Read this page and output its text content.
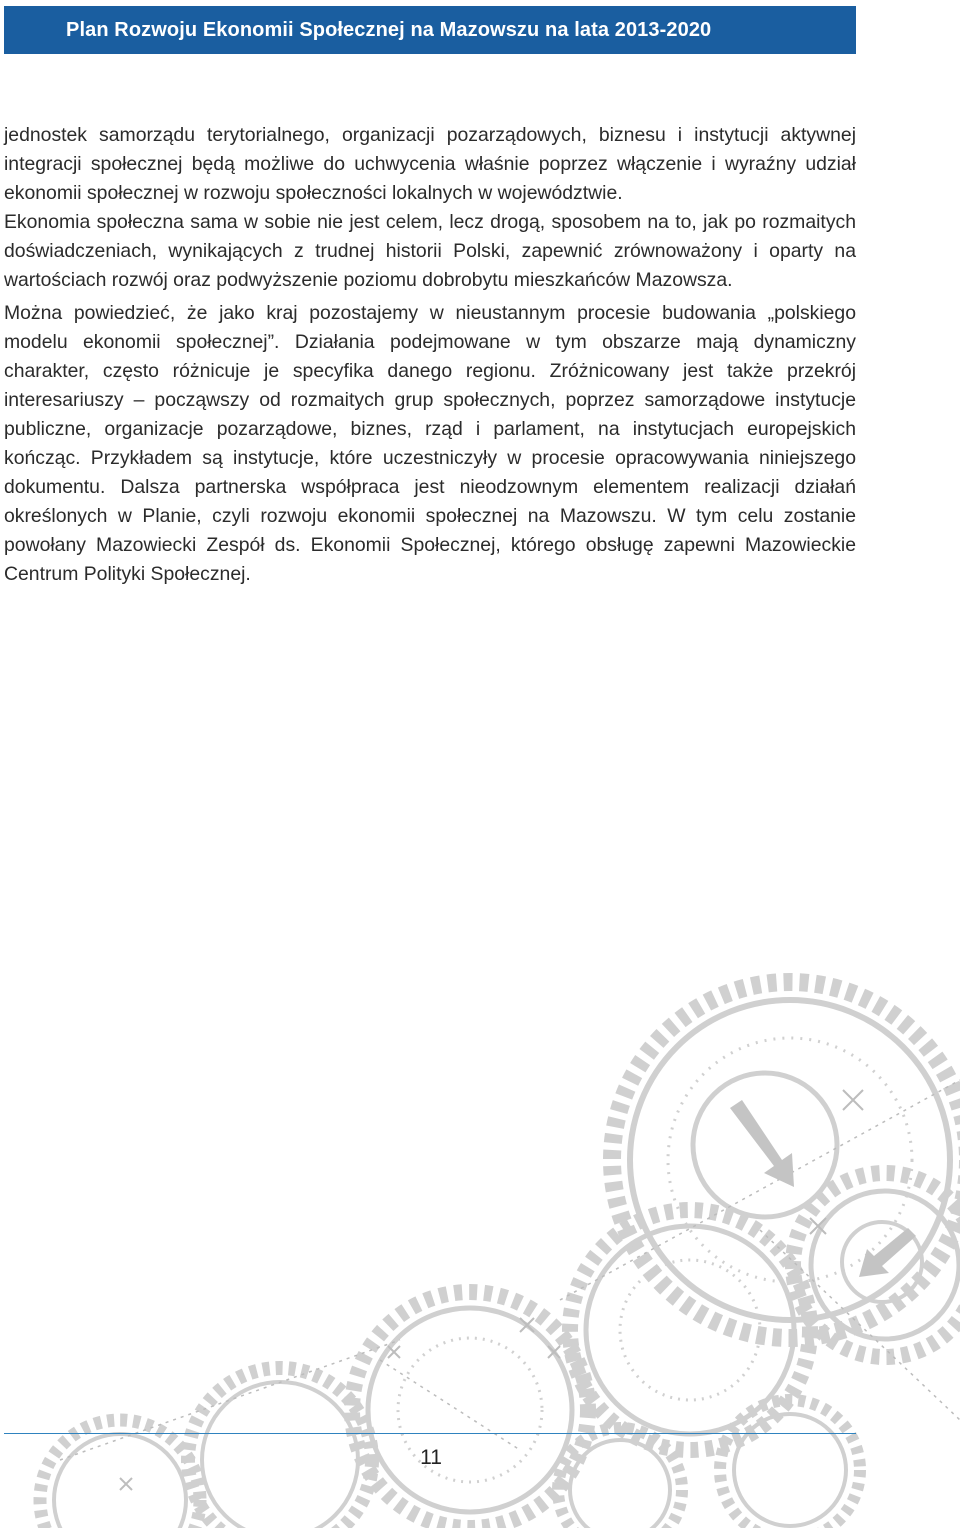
Plan Rozwoju Ekonomii Społecznej na Mazowszu na lata 2013-2020

jednostek samorządu terytorialnego, organizacji pozarządowych, biznesu i instytucji aktywnej integracji społecznej będą możliwe do uchwycenia właśnie poprzez włączenie i wyraźny udział ekonomii społecznej w rozwoju społeczności lokalnych w województwie.

Ekonomia społeczna sama w sobie nie jest celem, lecz drogą, sposobem na to, jak po rozmaitych doświadczeniach, wynikających z trudnej historii Polski, zapewnić zrównoważony i oparty na wartościach rozwój oraz podwyższenie poziomu dobrobytu mieszkańców Mazowsza.

Można powiedzieć, że jako kraj pozostajemy w nieustannym procesie budowania „polskiego modelu ekonomii społecznej”. Działania podejmowane w tym obszarze mają dynamiczny charakter, często różnicuje je specyfika danego regionu. Zróżnicowany jest także przekrój interesariuszy – począwszy od rozmaitych grup społecznych, poprzez samorządowe instytucje publiczne, organizacje pozarządowe, biznes, rząd i parlament, na instytucjach europejskich kończąc. Przykładem są instytucje, które uczestniczyły w procesie opracowywania niniejszego dokumentu. Dalsza partnerska współpraca jest nieodzownym elementem realizacji działań określonych w Planie, czyli rozwoju ekonomii społecznej na Mazowszu. W tym celu zostanie powołany Mazowiecki Zespół ds. Ekonomii Społecznej, którego obsługę zapewni Mazowieckie Centrum Polityki Społecznej.

11
